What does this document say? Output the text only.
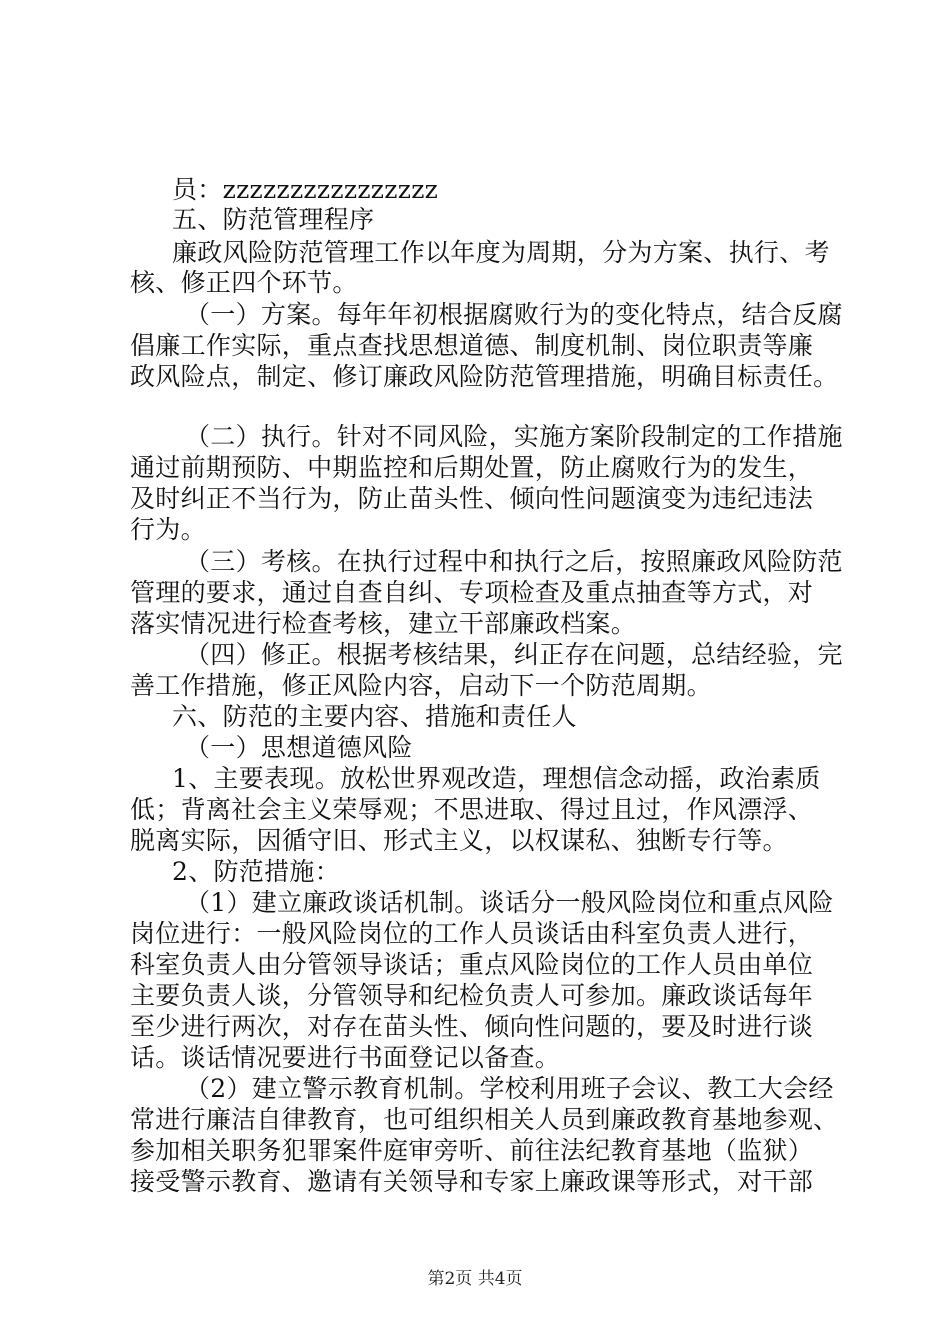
员：zzzzzzzzzzzzzzzz
五、防范管理程序
廉政风险防范管理工作以年度为周期，分为方案、执行、考
核、修正四个环节。
（一）方案。每年年初根据腐败行为的变化特点，结合反腐
倡廉工作实际，重点查找思想道德、制度机制、岗位职责等廉
政风险点，制定、修订廉政风险防范管理措施，明确目标责任。
（二）执行。针对不同风险，实施方案阶段制定的工作措施
通过前期预防、中期监控和后期处置，防止腐败行为的发生，
及时纠正不当行为，防止苗头性、倾向性问题演变为违纪违法
行为。
（三）考核。在执行过程中和执行之后，按照廉政风险防范
管理的要求，通过自查自纠、专项检查及重点抽查等方式，对
落实情况进行检查考核，建立干部廉政档案。
（四）修正。根据考核结果，纠正存在问题，总结经验，完
善工作措施，修正风险内容，启动下一个防范周期。
六、防范的主要内容、措施和责任人
（一）思想道德风险
1、主要表现。放松世界观改造，理想信念动摇，政治素质
低；背离社会主义荣辱观；不思进取、得过且过，作风漂浮、
脱离实际，因循守旧、形式主义，以权谋私、独断专行等。
2、防范措施：
（1）建立廉政谈话机制。谈话分一般风险岗位和重点风险
岗位进行：一般风险岗位的工作人员谈话由科室负责人进行，
科室负责人由分管领导谈话；重点风险岗位的工作人员由单位
主要负责人谈，分管领导和纪检负责人可参加。廉政谈话每年
至少进行两次，对存在苗头性、倾向性问题的，要及时进行谈
话。谈话情况要进行书面登记以备查。
（2）建立警示教育机制。学校利用班子会议、教工大会经
常进行廉洁自律教育，也可组织相关人员到廉政教育基地参观、
参加相关职务犯罪案件庭审旁听、前往法纪教育基地（监狱）
接受警示教育、邀请有关领导和专家上廉政课等形式，对干部
第2页 共4页
